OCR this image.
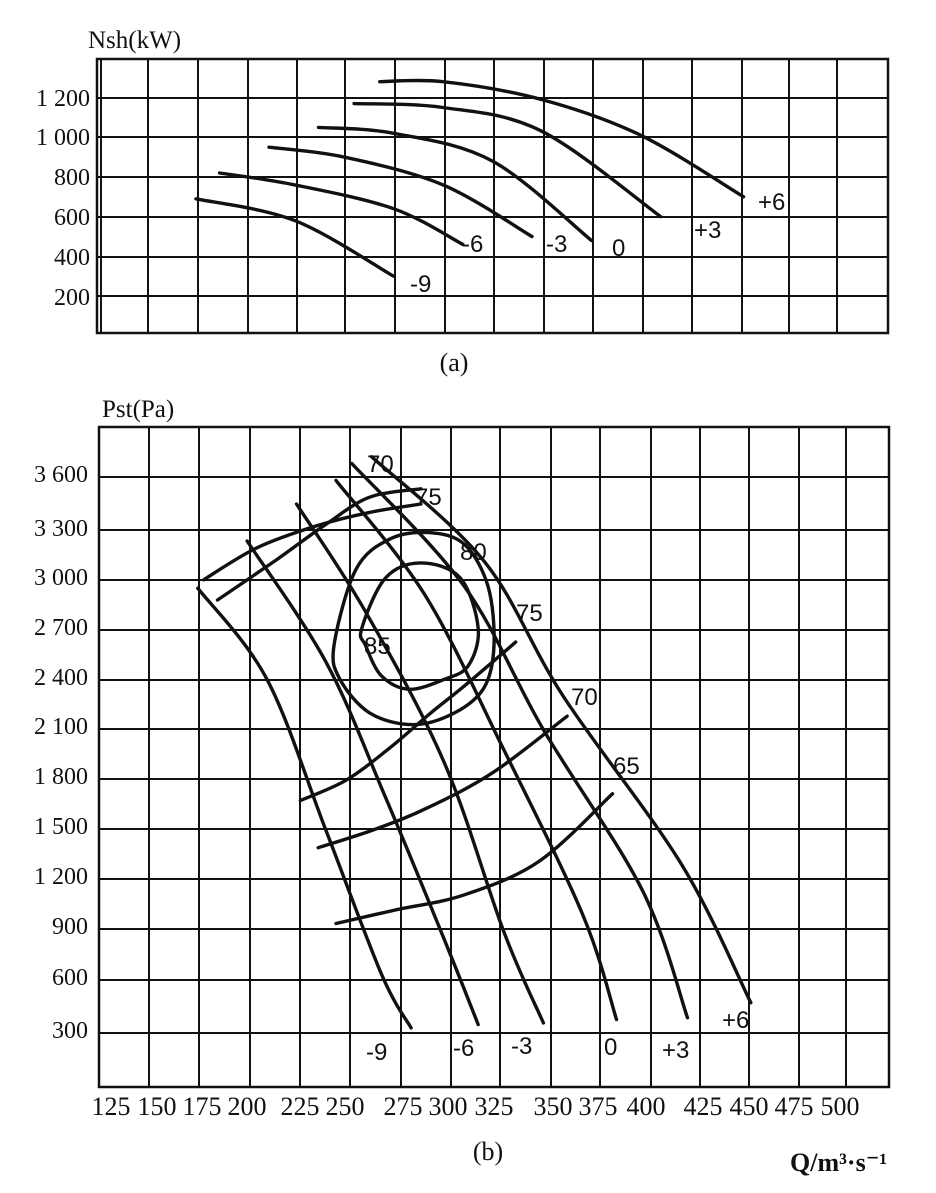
Nsh(kW)
1 200
1 000
800
600
400
200	-9
-6	-3 0
+3
+6
(a)
Pst(Pa)
3 600
3 300
3 000
2 700
2 400
2 100
1 800
1 500
1 200
900
600
300
125 150 175 200 225 250 275 300 325 350 375 400 425 450 475 500
-9	-6 -3	0 +3
+6
70
75
80
75
70
65
85
Q/m³·s⁻¹
(b)
